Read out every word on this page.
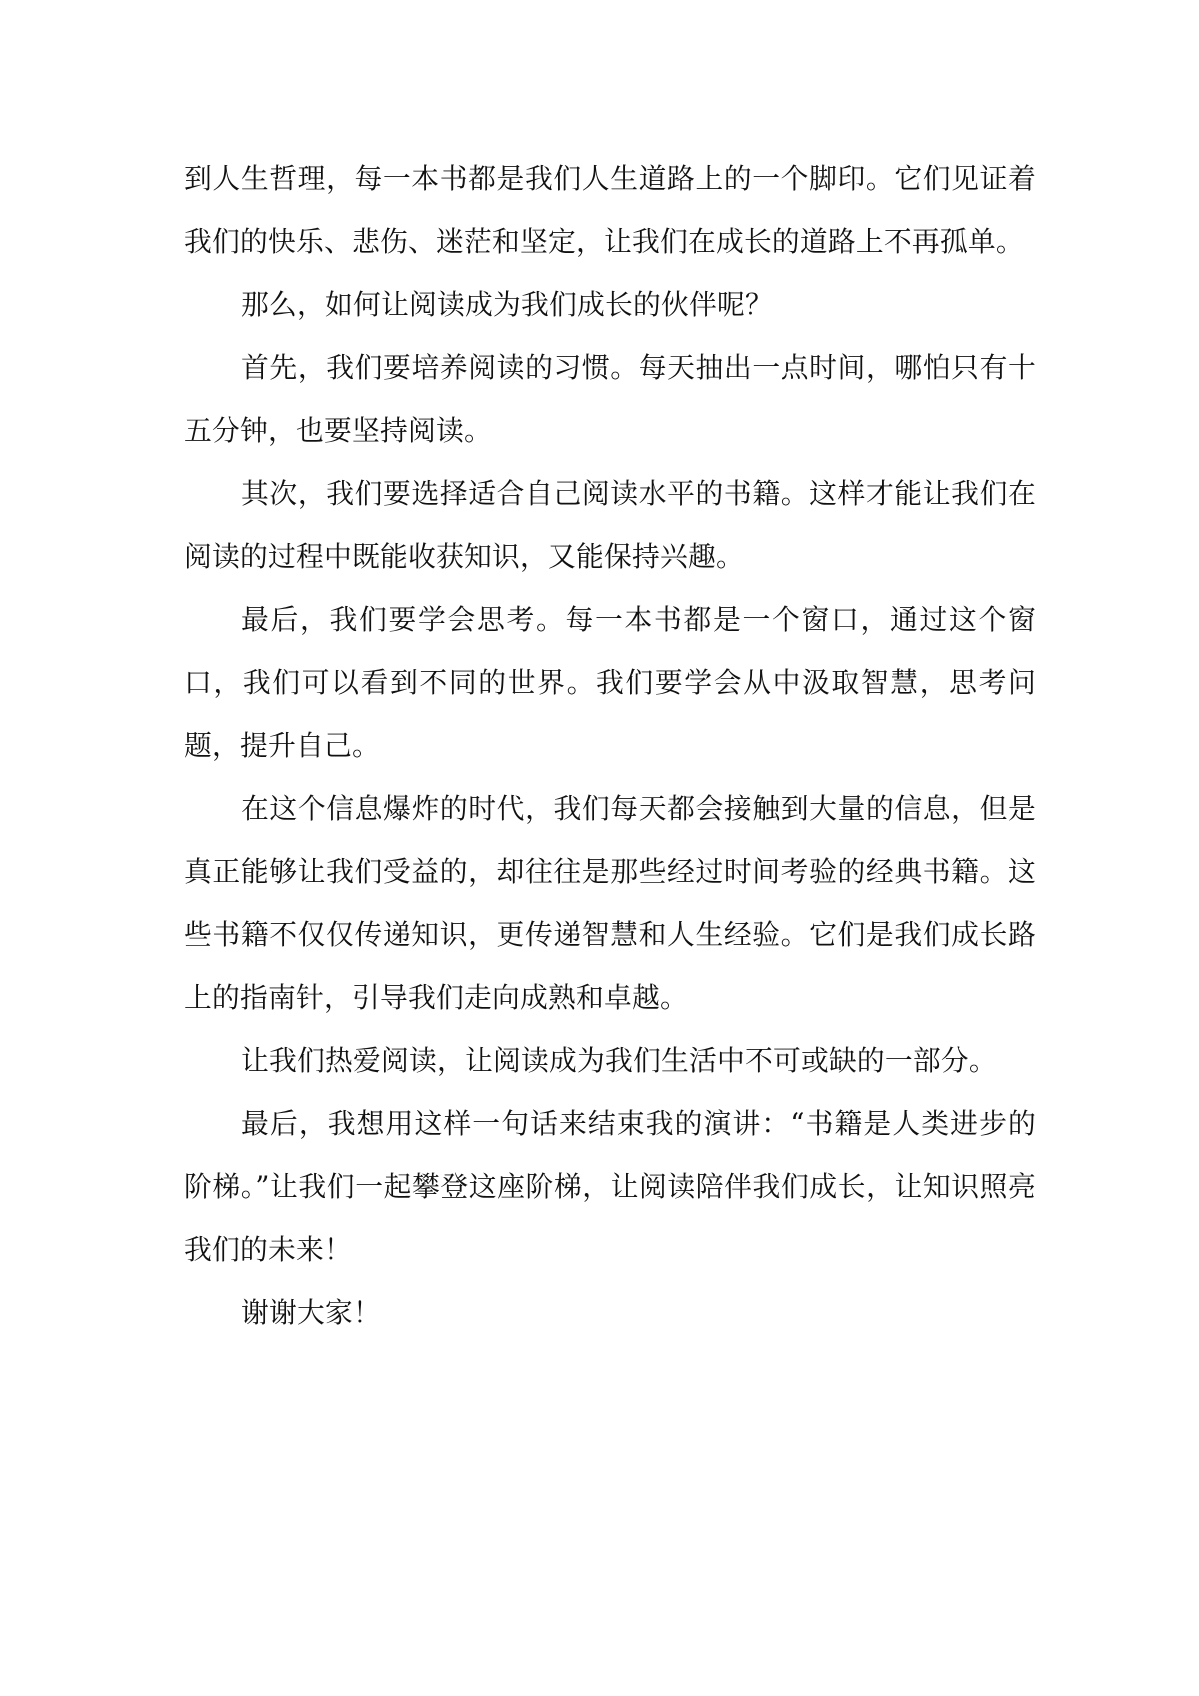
到人生哲理，每一本书都是我们人生道路上的一个脚印。它们见证着我们的快乐、悲伤、迷茫和坚定，让我们在成长的道路上不再孤单。

那么，如何让阅读成为我们成长的伙伴呢？

首先，我们要培养阅读的习惯。每天抽出一点时间，哪怕只有十五分钟，也要坚持阅读。

其次，我们要选择适合自己阅读水平的书籍。这样才能让我们在阅读的过程中既能收获知识，又能保持兴趣。

最后，我们要学会思考。每一本书都是一个窗口，通过这个窗口，我们可以看到不同的世界。我们要学会从中汲取智慧，思考问题，提升自己。

在这个信息爆炸的时代，我们每天都会接触到大量的信息，但是真正能够让我们受益的，却往往是那些经过时间考验的经典书籍。这些书籍不仅仅传递知识，更传递智慧和人生经验。它们是我们成长路上的指南针，引导我们走向成熟和卓越。

让我们热爱阅读，让阅读成为我们生活中不可或缺的一部分。

最后，我想用这样一句话来结束我的演讲：“书籍是人类进步的阶梯。”让我们一起攀登这座阶梯，让阅读陪伴我们成长，让知识照亮我们的未来！

谢谢大家！
